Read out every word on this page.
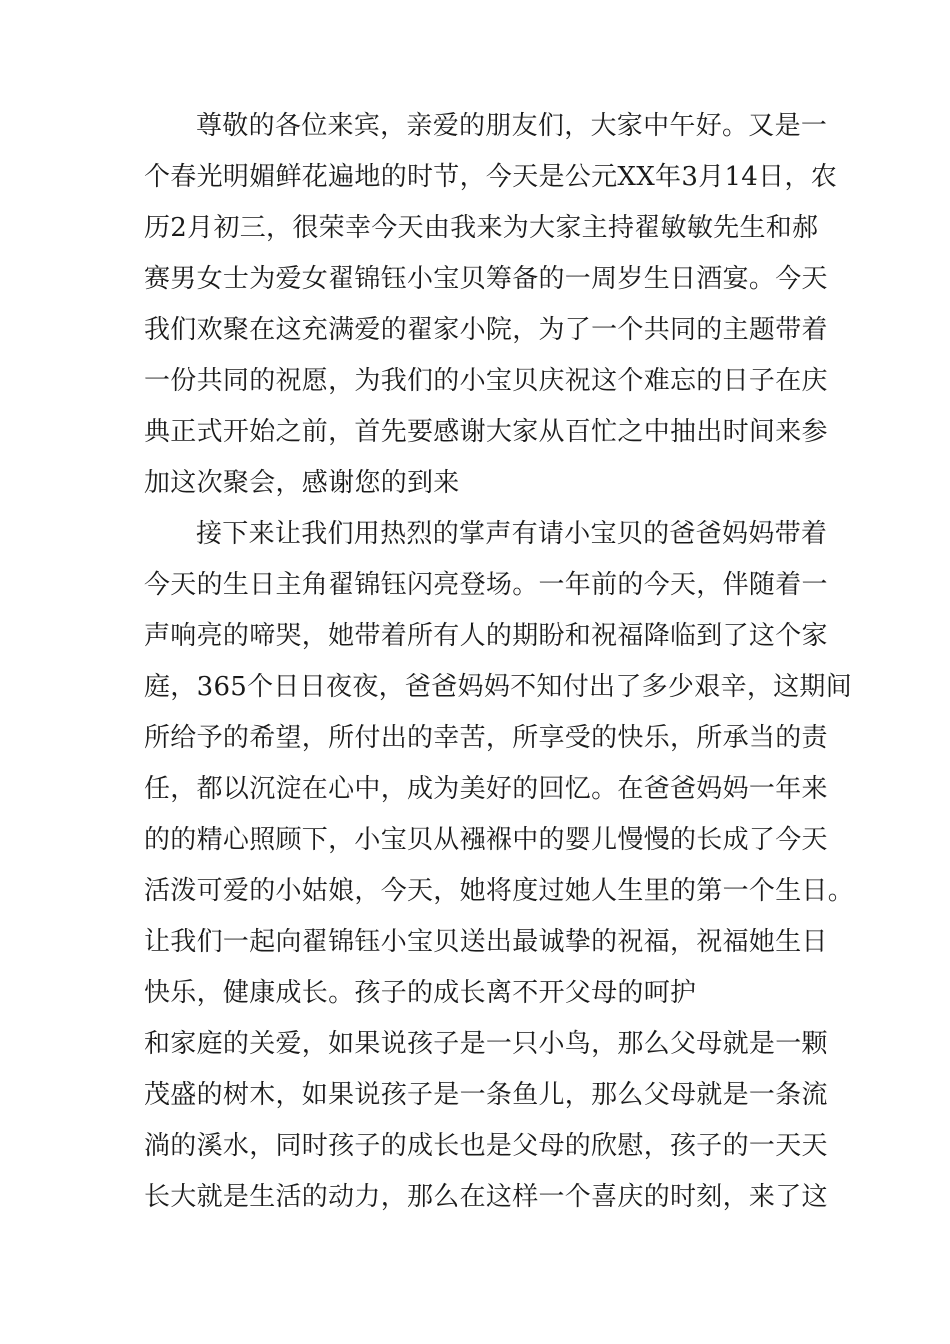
尊敬的各位来宾，亲爱的朋友们，大家中午好。又是一
个春光明媚鲜花遍地的时节，今天是公元XX年3月14日，农
历2月初三，很荣幸今天由我来为大家主持翟敏敏先生和郝
赛男女士为爱女翟锦钰小宝贝筹备的一周岁生日酒宴。今天
我们欢聚在这充满爱的翟家小院，为了一个共同的主题带着
一份共同的祝愿，为我们的小宝贝庆祝这个难忘的日子在庆
典正式开始之前，首先要感谢大家从百忙之中抽出时间来参
加这次聚会，感谢您的到来
接下来让我们用热烈的掌声有请小宝贝的爸爸妈妈带着
今天的生日主角翟锦钰闪亮登场。一年前的今天，伴随着一
声响亮的啼哭，她带着所有人的期盼和祝福降临到了这个家
庭，365个日日夜夜，爸爸妈妈不知付出了多少艰辛，这期间
所给予的希望，所付出的幸苦，所享受的快乐，所承当的责
任，都以沉淀在心中，成为美好的回忆。在爸爸妈妈一年来
的的精心照顾下，小宝贝从襁褓中的婴儿慢慢的长成了今天
活泼可爱的小姑娘，今天，她将度过她人生里的第一个生日。
让我们一起向翟锦钰小宝贝送出最诚挚的祝福，祝福她生日
快乐，健康成长。孩子的成长离不开父母的呵护
和家庭的关爱，如果说孩子是一只小鸟，那么父母就是一颗
茂盛的树木，如果说孩子是一条鱼儿，那么父母就是一条流
淌的溪水，同时孩子的成长也是父母的欣慰，孩子的一天天
长大就是生活的动力，那么在这样一个喜庆的时刻，来了这
